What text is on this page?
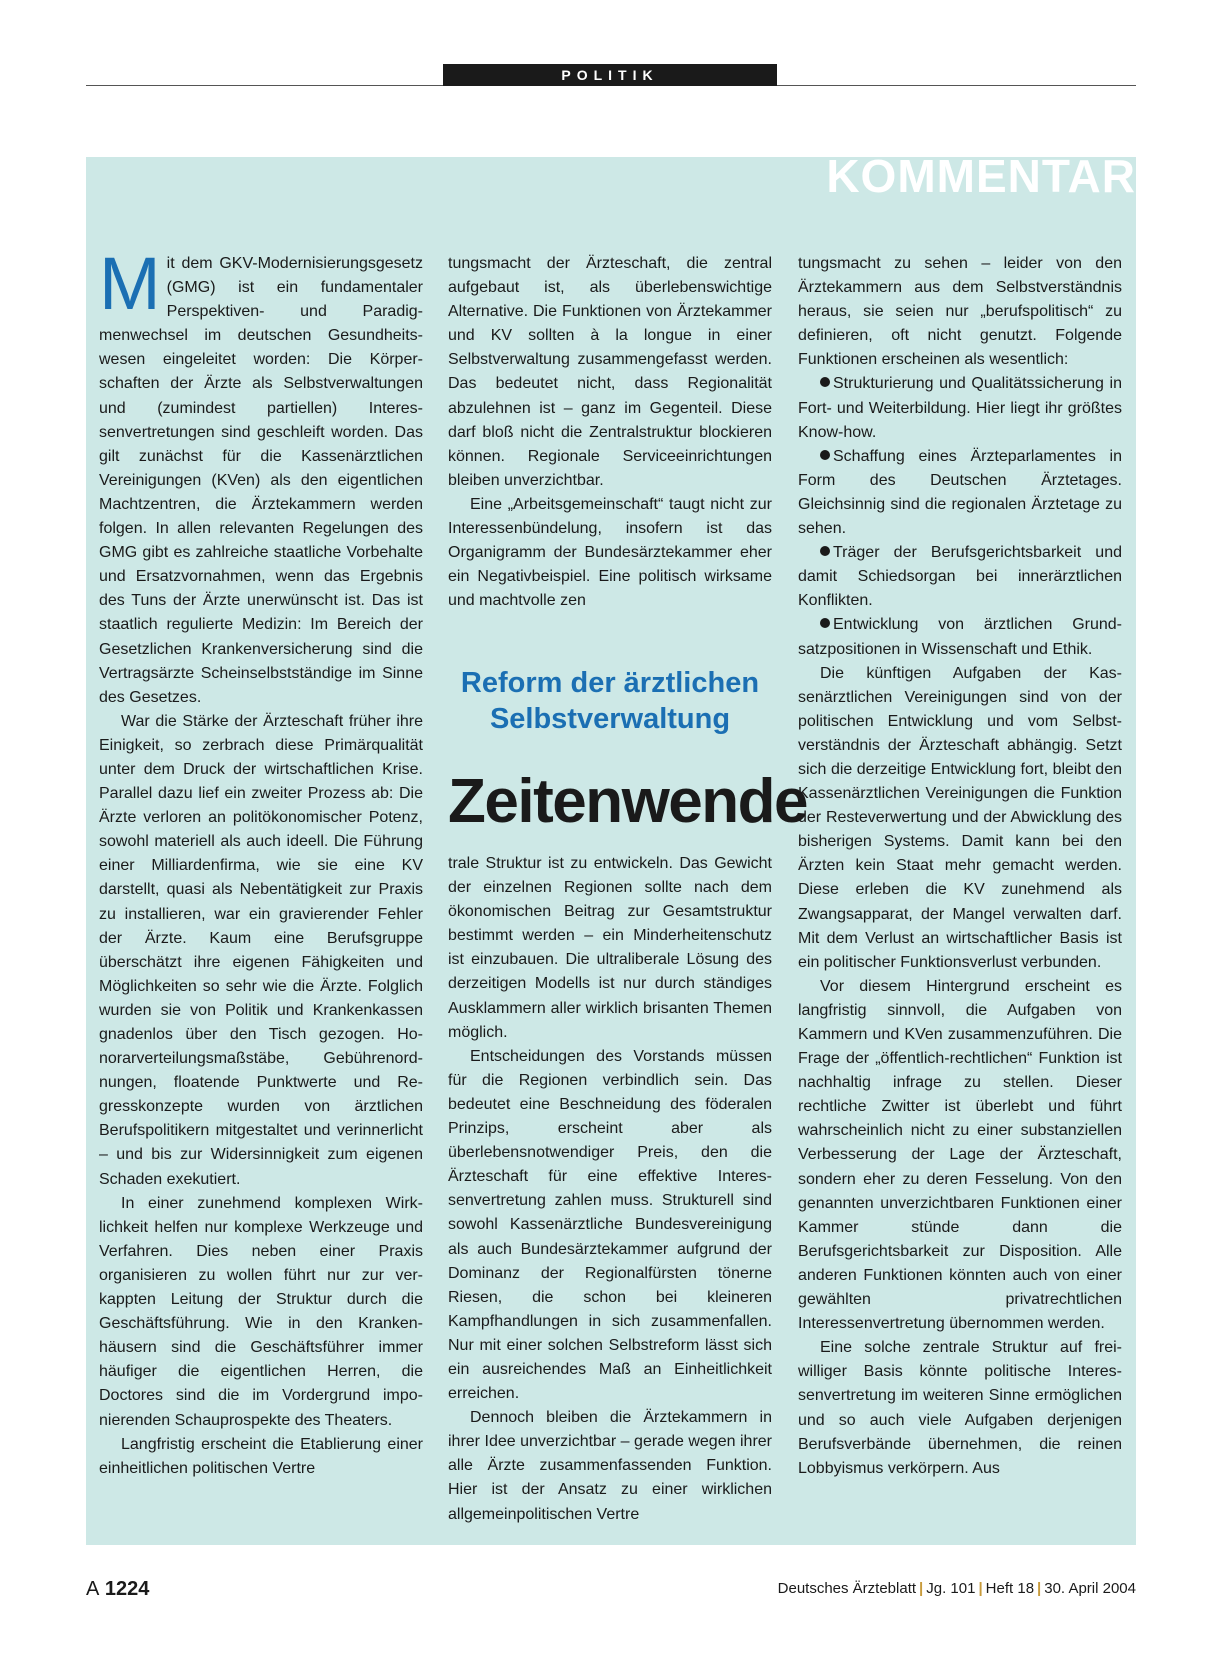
POLITIK
KOMMENTAR

Mit dem GKV-Modernisierungsgesetz (GMG) ist ein fundamentaler Perspektiven- und Paradigmenwechsel im deutschen Gesundheitswesen eingeleitet worden: Die Körperschaften der Ärzte als Selbstverwaltungen und (zumindest partiellen) Interessenvertretungen sind geschleift worden. Das gilt zunächst für die Kassenärztlichen Vereinigungen (KVen) als den eigentlichen Machtzentren, die Ärztekammern werden folgen. In allen relevanten Regelungen des GMG gibt es zahlreiche staatliche Vorbehalte und Ersatzvornahmen, wenn das Ergebnis des Tuns der Ärzte unerwünscht ist. Das ist staatlich regulierte Medizin: Im Bereich der Gesetzlichen Krankenversicherung sind die Vertragsärzte Scheinselbstständige im Sinne des Gesetzes.

War die Stärke der Ärzteschaft früher ihre Einigkeit, so zerbrach diese Primärqualität unter dem Druck der wirtschaftlichen Krise. Parallel dazu lief ein zweiter Prozess ab: Die Ärzte verloren an politökonomischer Potenz, sowohl materiell als auch ideell. Die Führung einer Milliardenfirma, wie sie eine KV darstellt, quasi als Nebentätigkeit zur Praxis zu installieren, war ein gravierender Fehler der Ärzte. Kaum eine Berufsgruppe überschätzt ihre eigenen Fähigkeiten und Möglichkeiten so sehr wie die Ärzte. Folglich wurden sie von Politik und Krankenkassen gnadenlos über den Tisch gezogen. Honorarverteilungsmaßstäbe, Gebührenordnungen, floatende Punktwerte und Regresskonzepte wurden von ärztlichen Berufspolitikern mitgestaltet und verinnerlicht – und bis zur Widersinnigkeit zum eigenen Schaden exekutiert.

In einer zunehmend komplexen Wirklichkeit helfen nur komplexe Werkzeuge und Verfahren. Dies neben einer Praxis organisieren zu wollen führt nur zur verkappten Leitung der Struktur durch die Geschäftsführung. Wie in den Krankenhäusern sind die Geschäftsführer immer häufiger die eigentlichen Herren, die Doctores sind die im Vordergrund imponierenden Schauprospekte des Theaters.

Langfristig erscheint die Etablierung einer einheitlichen politischen Vertre

tungsmacht der Ärzteschaft, die zentral aufgebaut ist, als überlebenswichtige Alternative. Die Funktionen von Ärztekammer und KV sollten à la longue in einer Selbstverwaltung zusammengefasst werden. Das bedeutet nicht, dass Regionalität abzulehnen ist – ganz im Gegenteil. Diese darf bloß nicht die Zentralstruktur blockieren können. Regionale Serviceeinrichtungen bleiben unverzichtbar.

Eine „Arbeitsgemeinschaft“ taugt nicht zur Interessenbündelung, insofern ist das Organigramm der Bundesärztekammer eher ein Negativbeispiel. Eine politisch wirksame und machtvolle zen

Reform der ärztlichen Selbstverwaltung
Zeitenwende

trale Struktur ist zu entwickeln. Das Gewicht der einzelnen Regionen sollte nach dem ökonomischen Beitrag zur Gesamtstruktur bestimmt werden – ein Minderheitenschutz ist einzubauen. Die ultraliberale Lösung des derzeitigen Modells ist nur durch ständiges Ausklammern aller wirklich brisanten Themen möglich.

Entscheidungen des Vorstands müssen für die Regionen verbindlich sein. Das bedeutet eine Beschneidung des föderalen Prinzips, erscheint aber als überlebensnotwendiger Preis, den die Ärzteschaft für eine effektive Interessenvertretung zahlen muss. Strukturell sind sowohl Kassenärztliche Bundesvereinigung als auch Bundesärztekammer aufgrund der Dominanz der Regionalfürsten tönerne Riesen, die schon bei kleineren Kampfhandlungen in sich zusammenfallen. Nur mit einer solchen Selbstreform lässt sich ein ausreichendes Maß an Einheitlichkeit erreichen.

Dennoch bleiben die Ärztekammern in ihrer Idee unverzichtbar – gerade wegen ihrer alle Ärzte zusammenfassenden Funktion. Hier ist der Ansatz zu einer wirklichen allgemeinpolitischen Vertre

tungsmacht zu sehen – leider von den Ärztekammern aus dem Selbstverständnis heraus, sie seien nur „berufspolitisch“ zu definieren, oft nicht genutzt. Folgende Funktionen erscheinen als wesentlich:

Strukturierung und Qualitätssicherung in Fort- und Weiterbildung. Hier liegt ihr größtes Know-how.

Schaffung eines Ärzteparlamentes in Form des Deutschen Ärztetages. Gleichsinnig sind die regionalen Ärztetage zu sehen.

Träger der Berufsgerichtsbarkeit und damit Schiedsorgan bei innerärztlichen Konflikten.

Entwicklung von ärztlichen Grundsatzpositionen in Wissenschaft und Ethik.

Die künftigen Aufgaben der Kassenärztlichen Vereinigungen sind von der politischen Entwicklung und vom Selbstverständnis der Ärzteschaft abhängig. Setzt sich die derzeitige Entwicklung fort, bleibt den Kassenärztlichen Vereinigungen die Funktion der Resteverwertung und der Abwicklung des bisherigen Systems. Damit kann bei den Ärzten kein Staat mehr gemacht werden. Diese erleben die KV zunehmend als Zwangsapparat, der Mangel verwalten darf. Mit dem Verlust an wirtschaftlicher Basis ist ein politischer Funktionsverlust verbunden.

Vor diesem Hintergrund erscheint es langfristig sinnvoll, die Aufgaben von Kammern und KVen zusammenzuführen. Die Frage der „öffentlich-rechtlichen“ Funktion ist nachhaltig infrage zu stellen. Dieser rechtliche Zwitter ist überlebt und führt wahrscheinlich nicht zu einer substanziellen Verbesserung der Lage der Ärzteschaft, sondern eher zu deren Fesselung. Von den genannten unverzichtbaren Funktionen einer Kammer stünde dann die Berufsgerichtsbarkeit zur Disposition. Alle anderen Funktionen könnten auch von einer gewählten privatrechtlichen Interessenvertretung übernommen werden.

Eine solche zentrale Struktur auf freiwilliger Basis könnte politische Interessenvertretung im weiteren Sinne ermöglichen und so auch viele Aufgaben derjenigen Berufsverbände übernehmen, die reinen Lobbyismus verkörpern. Aus

A 1224	Deutsches Ärzteblatt | Jg. 101 | Heft 18 | 30. April 2004
